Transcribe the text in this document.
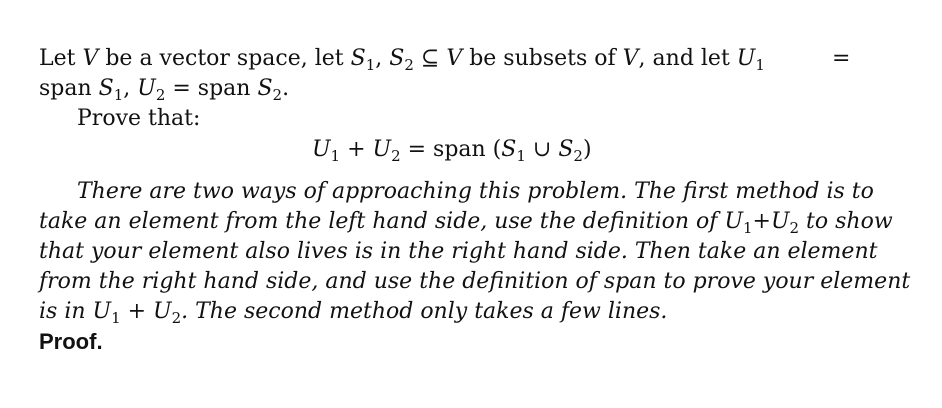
Let V be a vector space, let $S_1$, $S_2$ ⊆ V be subsets of V, and let $U_1$	=
span $S_1$, $U_2$ = span $S_2$.
Prove that:
$U_1 + U_2$ = span ($S_1$ ∪ $S_2$)
There are two ways of approaching this problem. The first method is to
take an element from the left hand side, use the definition of $U_1+U_2$ to show
that your element also lives is in the right hand side. Then take an element
from the right hand side, and use the definition of span to prove your element
is in $U_1 + U_2$. The second method only takes a few lines.
Proof.
